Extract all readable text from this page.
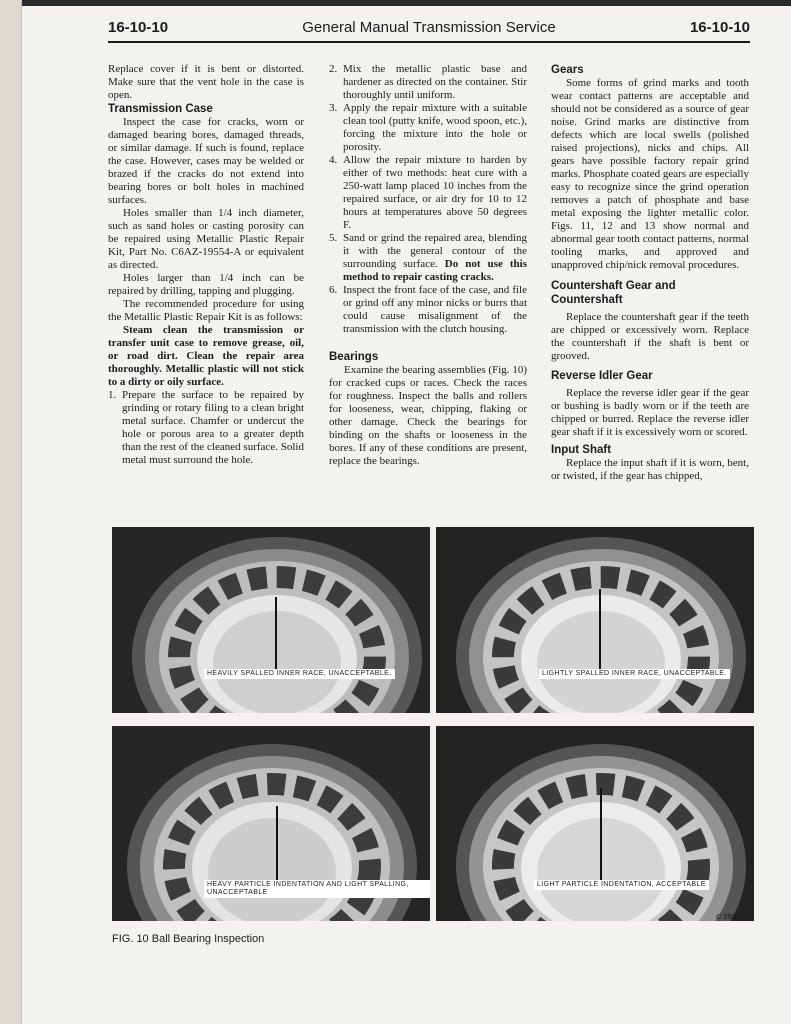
16-10-10	General Manual Transmission Service	16-10-10

Replace cover if it is bent or distorted. Make sure that the vent hole in the case is open.

Transmission Case

Inspect the case for cracks, worn or damaged bearing bores, damaged threads, or similar damage. If such is found, replace the case. However, cases may be welded or brazed if the cracks do not extend into bearing bores or bolt holes in machined surfaces.

Holes smaller than 1/4 inch diameter, such as sand holes or casting porosity can be repaired using Metallic Plastic Repair Kit, Part No. C6AZ-19554-A or equivalent as directed.

Holes larger than 1/4 inch can be repaired by drilling, tapping and plugging.

The recommended procedure for using the Metallic Plastic Repair Kit is as follows:

Steam clean the transmission or transfer unit case to remove grease, oil, or road dirt. Clean the repair area thoroughly. Metallic plastic will not stick to a dirty or oily surface.

1. Prepare the surface to be repaired by grinding or rotary filing to a clean bright metal surface. Chamfer or undercut the hole or porous area to a greater depth than the rest of the cleaned surface. Solid metal must surround the hole.
2. Mix the metallic plastic base and hardener as directed on the container. Stir thoroughly until uniform.
3. Apply the repair mixture with a suitable clean tool (putty knife, wood spoon, etc.), forcing the mixture into the hole or porosity.
4. Allow the repair mixture to harden by either of two methods: heat cure with a 250-watt lamp placed 10 inches from the repaired surface, or air dry for 10 to 12 hours at temperatures above 50 degrees F.
5. Sand or grind the repaired area, blending it with the general contour of the surrounding surface. Do not use this method to repair casting cracks.
6. Inspect the front face of the case, and file or grind off any minor nicks or burrs that could cause misalignment of the transmission with the clutch housing.
Bearings

Examine the bearing assemblies (Fig. 10) for cracked cups or races. Check the races for roughness. Inspect the balls and rollers for looseness, wear, chipping, flaking or other damage. Check the bearings for binding on the shafts or looseness in the bores. If any of these conditions are present, replace the bearings.

Gears

Some forms of grind marks and tooth wear contact patterns are acceptable and should not be considered as a source of gear noise. Grind marks are distinctive from defects which are local swells (polished raised projections), nicks and chips. All gears have possible factory repair grind marks. Phosphate coated gears are especially easy to recognize since the grind operation removes a patch of phosphate and base metal exposing the lighter metallic color. Figs. 11, 12 and 13 show normal and abnormal gear tooth contact patterns, normal tooling marks, and approved and unapproved chip/nick removal procedures.

Countershaft Gear and Countershaft

Replace the countershaft gear if the teeth are chipped or excessively worn. Replace the countershaft if the shaft is bent or grooved.

Reverse Idler Gear

Replace the reverse idler gear if the gear or bushing is badly worn or if the teeth are chipped or burred. Replace the reverse idler gear shaft if it is excessively worn or scored.

Input Shaft

Replace the input shaft if it is worn, bent, or twisted, if the gear has chipped,

HEAVILY SPALLED INNER RACE, UNACCEPTABLE.	LIGHTLY SPALLED INNER RACE, UNACCEPTABLE.
HEAVY PARTICLE INDENTATION AND LIGHT SPALLING, UNACCEPTABLE
LIGHT PARTICLE INDENTATION, ACCEPTABLE
C 2584-A
FIG. 10 Ball Bearing Inspection
